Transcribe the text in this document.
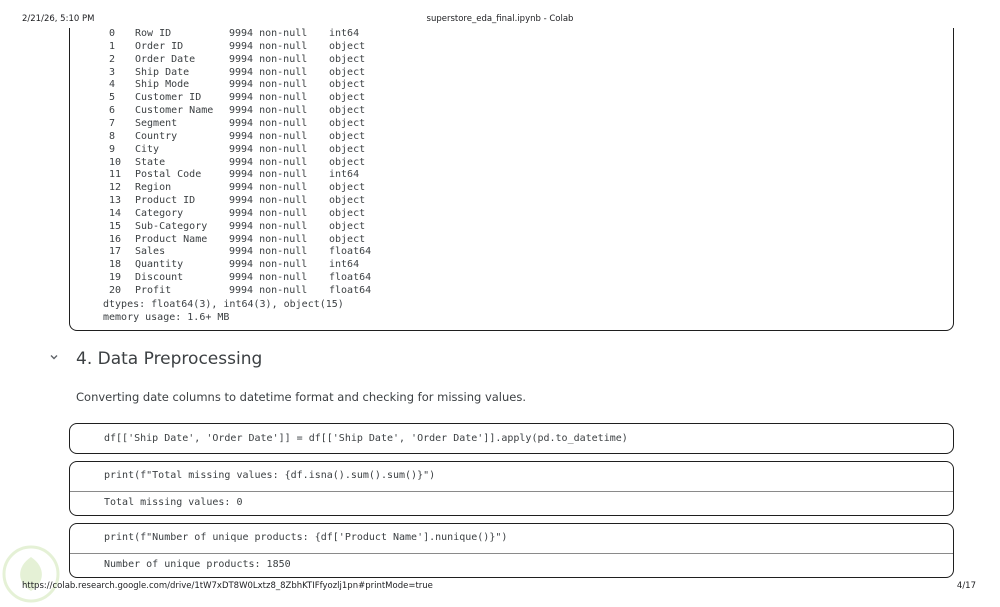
2/21/26, 5:10 PM	superstore_eda_final.ipynb - Colab
0	Row ID	9994 non-null int64
1	Order ID	9994 non-null object
2	Order Date	9994 non-null object
3	Ship Date	9994 non-null object
4	Ship Mode	9994 non-null object
5	Customer ID	9994 non-null object
6	Customer Name 9994 non-null object
7	Segment	9994 non-null object
8	Country	9994 non-null object
9	City	9994 non-null object
10	State	9994 non-null object
11	Postal Code	9994 non-null int64
12	Region	9994 non-null object
13	Product ID	9994 non-null object
14	Category	9994 non-null object
15	Sub-Category 9994 non-null object
16	Product Name 9994 non-null object
17	Sales	9994 non-null float64
18	Quantity	9994 non-null int64
19	Discount	9994 non-null float64
20	Profit	9994 non-null float64
dtypes: float64(3), int64(3), object(15)
memory usage: 1.6+ MB
4. Data Preprocessing
Converting date columns to datetime format and checking for missing values.
df[['Ship Date', 'Order Date']] = df[['Ship Date', 'Order Date']].apply(pd.to_datetime)
print(f"Total missing values: {df.isna().sum().sum()}")
Total missing values: 0
print(f"Number of unique products: {df['Product Name'].nunique()}")
Number of unique products: 1850
https://colab.research.google.com/drive/1tW7xDT8W0Lxtz8_8ZbhKTIFfyozlj1pn#printMode=true	4/17
